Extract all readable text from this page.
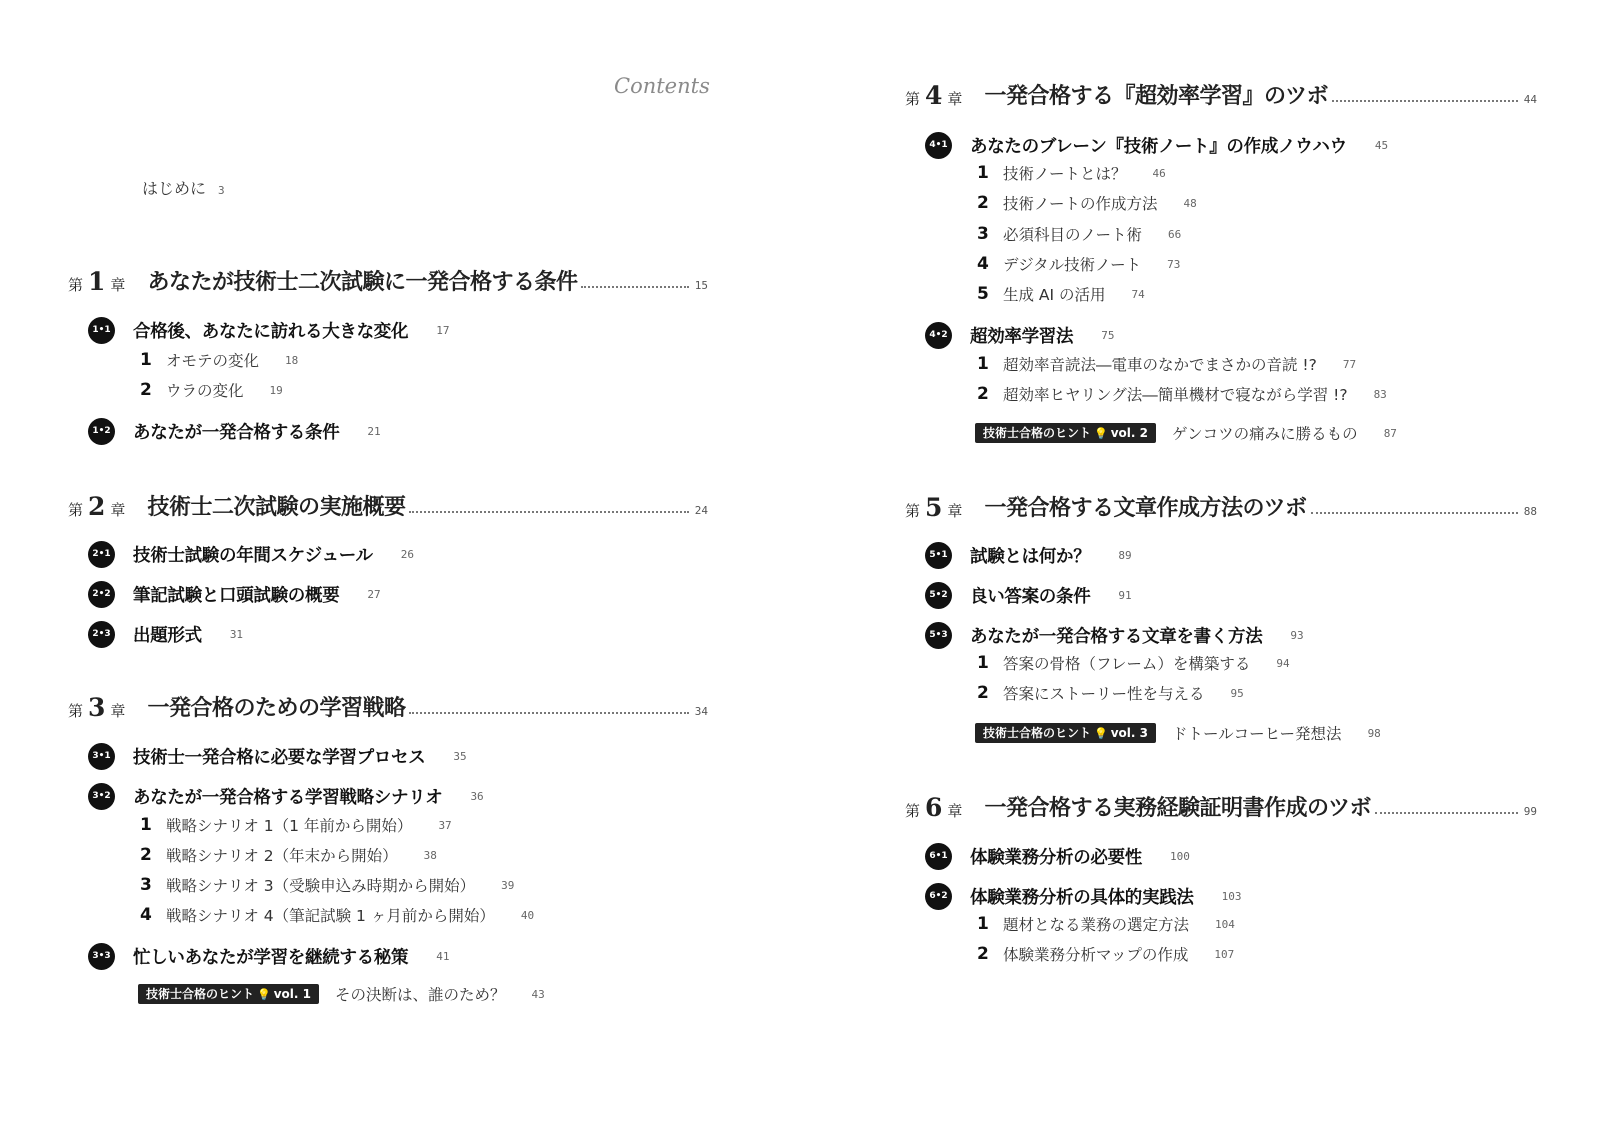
Contents
はじめに 3
第 1 章 あなたが技術士二次試験に一発合格する条件	15
1•1 合格後、あなたに訪れる大きな変化	17
1 オモテの変化 18
2 ウラの変化 19
1•2 あなたが一発合格する条件	21
第 2 章 技術士二次試験の実施概要	24
2•1 技術士試験の年間スケジュール	26
2•2 筆記試験と口頭試験の概要	27
2•3 出題形式	31
第 3 章 一発合格のための学習戦略	34
3•1 技術士一発合格に必要な学習プロセス	35
3•2 あなたが一発合格する学習戦略シナリオ	36
1 戦略シナリオ 1（1 年前から開始） 37
2 戦略シナリオ 2（年末から開始） 38
3 戦略シナリオ 3（受験申込み時期から開始） 39
4 戦略シナリオ 4（筆記試験 1 ヶ月前から開始） 40
3•3 忙しいあなたが学習を継続する秘策	41
技術士合格のヒント 💡 vol. 1	その決断は、誰のため？ 43
第 4 章 一発合格する『超効率学習』のツボ	44
4•1 あなたのブレーン『技術ノート』の作成ノウハウ	45
1 技術ノートとは？ 46
2 技術ノートの作成方法 48
3 必須科目のノート術 66
4 デジタル技術ノート 73
5 生成 AI の活用 74
4•2 超効率学習法	75
1 超効率音読法―電車のなかでまさかの音読 !? 77
2 超効率ヒヤリング法―簡単機材で寝ながら学習 !? 83
技術士合格のヒント 💡 vol. 2	ゲンコツの痛みに勝るもの 87
第 5 章 一発合格する文章作成方法のツボ	88
5•1 試験とは何か？	89
5•2 良い答案の条件	91
5•3 あなたが一発合格する文章を書く方法	93
1 答案の骨格（フレーム）を構築する 94
2 答案にストーリー性を与える 95
技術士合格のヒント 💡 vol. 3	ドトールコーヒー発想法 98
第 6 章 一発合格する実務経験証明書作成のツボ	99
6•1 体験業務分析の必要性	100
6•2 体験業務分析の具体的実践法	103
1 題材となる業務の選定方法 104
2 体験業務分析マップの作成 107
